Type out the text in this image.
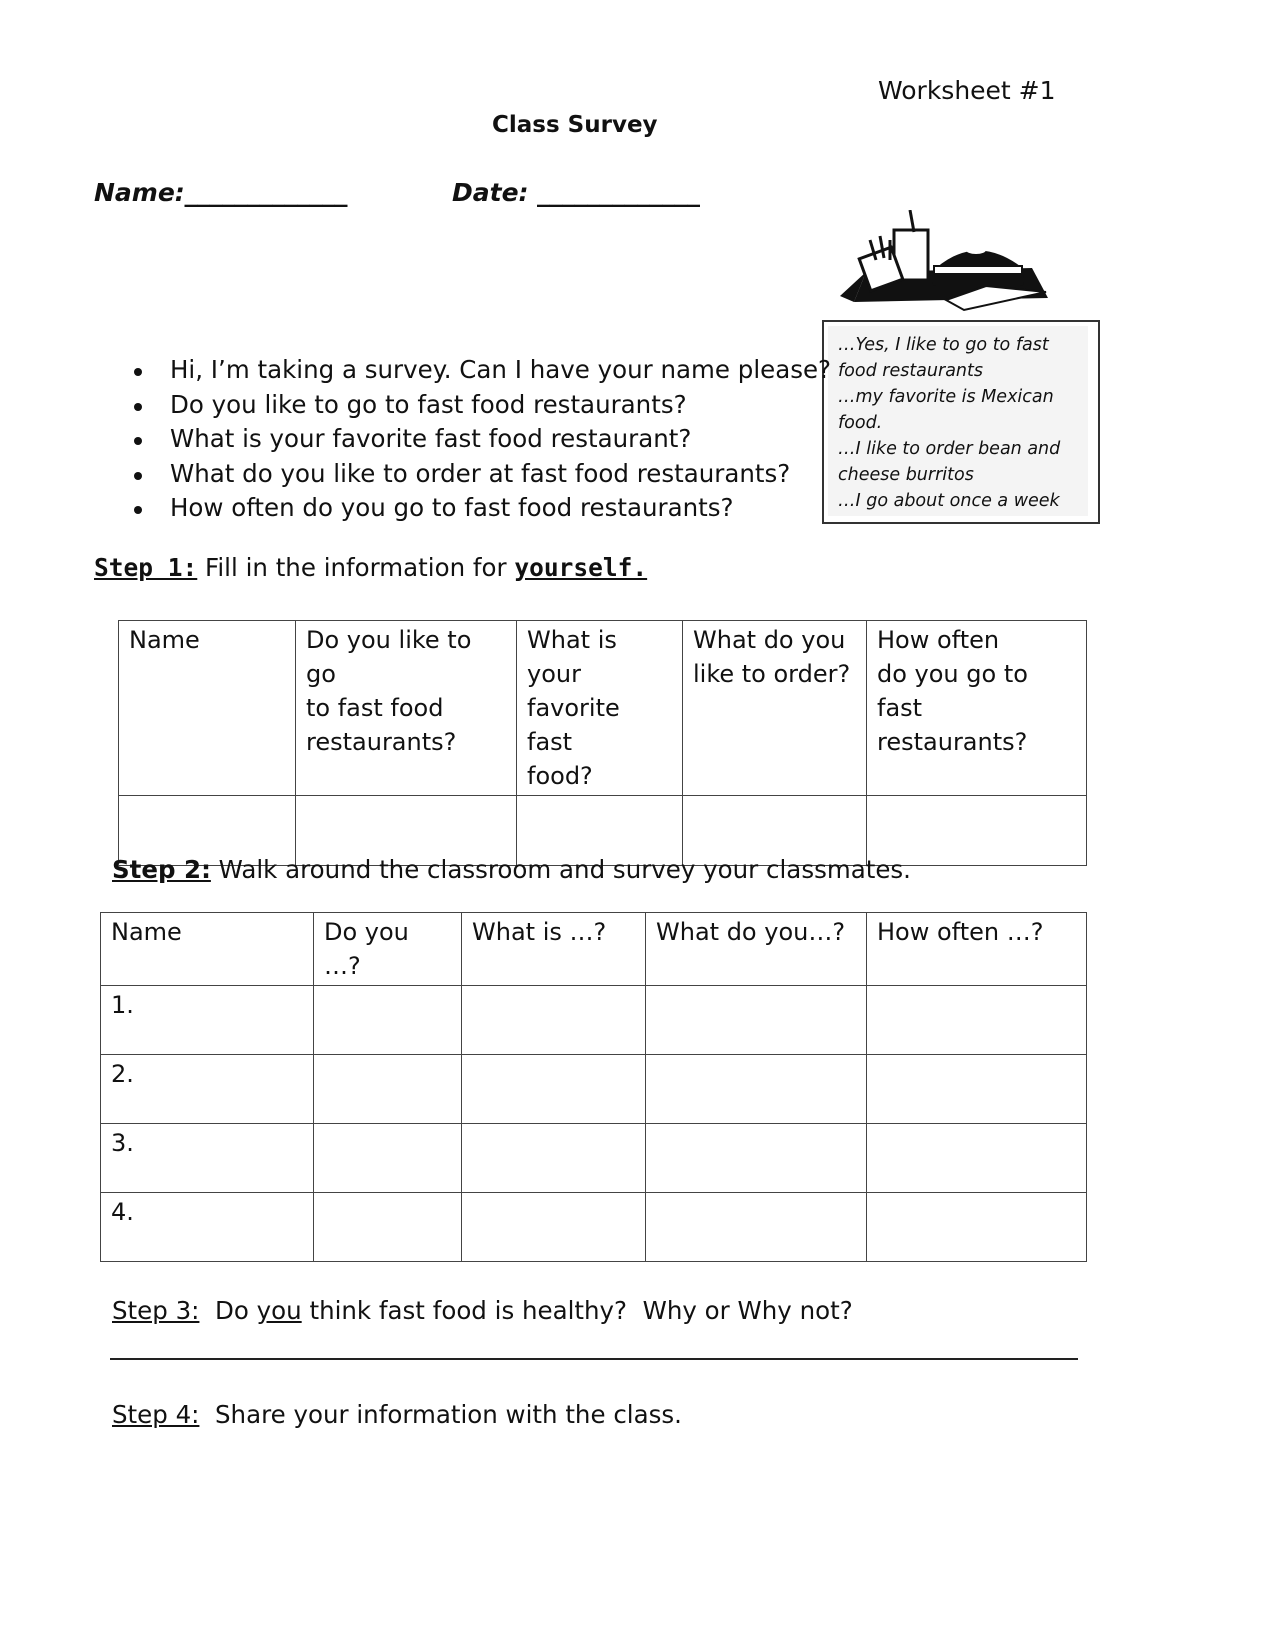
Worksheet #1
Class Survey
Name:_____________	Date: _____________
…Yes, I like to go to fast
food restaurants
…my favorite is Mexican
food.
…I like to order bean and
cheese burritos
…I go about once a week
Hi, I’m taking a survey. Can I have your name please?
Do you like to go to fast food restaurants?
What is your favorite fast food restaurant?
What do you like to order at fast food restaurants?
How often do you go to fast food restaurants?
Step 1: Fill in the information for yourself.
Name	Do you like to go
to fast food
restaurants?	What is your
favorite fast
food?	What do you
like to order?	How often
do you go to fast
restaurants?

Step 2: Walk around the classroom and survey your classmates.
Name	Do you …?	What is …?	What do you…?	How often …?
1.				
2.				
3.				
4.				
Step 3:  Do you think fast food is healthy?  Why or Why not?
Step 4:  Share your information with the class.
